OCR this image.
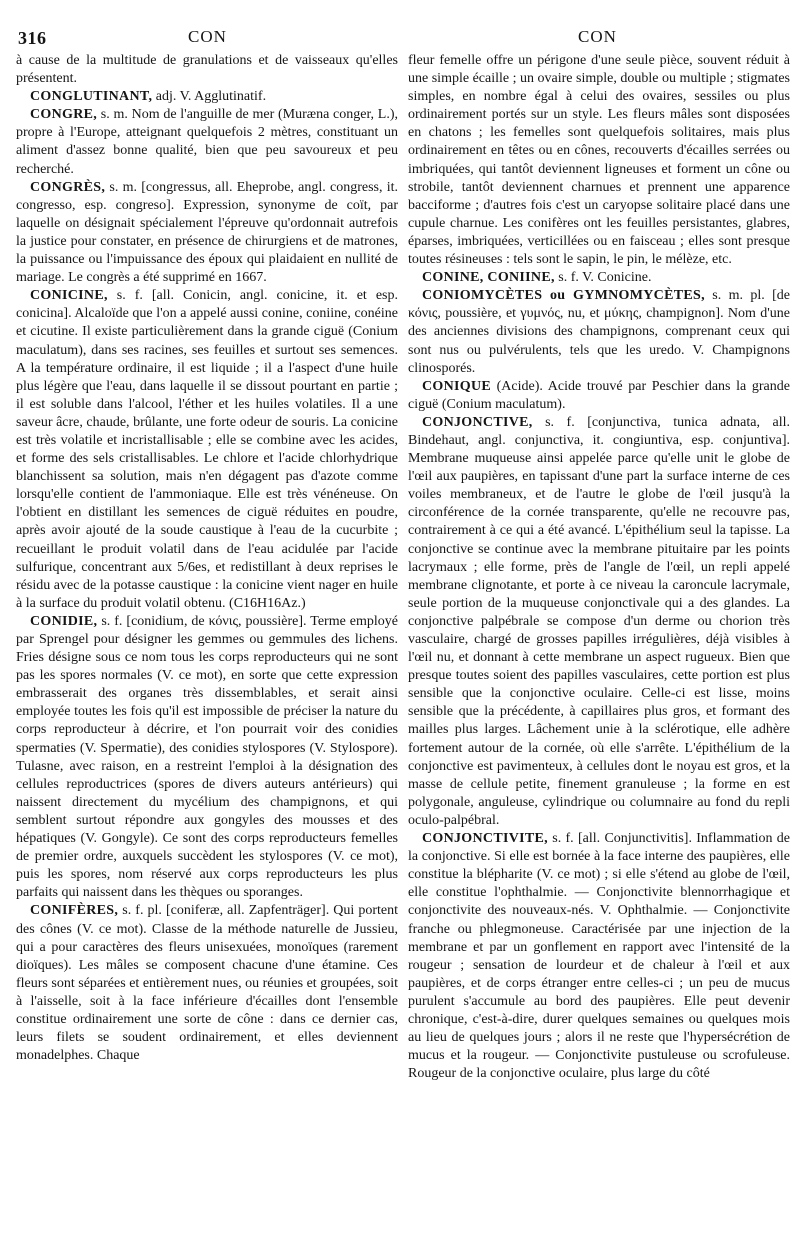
316	CON	CON

à cause de la multitude de granulations et de vaisseaux qu'elles présentent.

CONGLUTINANT, adj. V. Agglutinatif.

CONGRE, s. m. Nom de l'anguille de mer (Muræna conger, L.), propre à l'Europe, atteignant quelquefois 2 mètres, constituant un aliment d'assez bonne qualité, bien que peu savoureux et peu recherché.

CONGRÈS, s. m. [congressus, all. Eheprobe, angl. congress, it. congresso, esp. congreso]. Expression, synonyme de coït, par laquelle on désignait spécialement l'épreuve qu'ordonnait autrefois la justice pour constater, en présence de chirurgiens et de matrones, la puissance ou l'impuissance des époux qui plaidaient en nullité de mariage. Le congrès a été supprimé en 1667.

CONICINE, s. f. [all. Conicin, angl. conicine, it. et esp. conicina]. Alcaloïde que l'on a appelé aussi conine, coniine, conéine et cicutine. Il existe particulièrement dans la grande ciguë (Conium maculatum), dans ses racines, ses feuilles et surtout ses semences. A la température ordinaire, il est liquide ; il a l'aspect d'une huile plus légère que l'eau, dans laquelle il se dissout pourtant en partie ; il est soluble dans l'alcool, l'éther et les huiles volatiles. Il a une saveur âcre, chaude, brûlante, une forte odeur de souris. La conicine est très volatile et incristallisable ; elle se combine avec les acides, et forme des sels cristallisables. Le chlore et l'acide chlorhydrique blanchissent sa solution, mais n'en dégagent pas d'azote comme lorsqu'elle contient de l'ammoniaque. Elle est très vénéneuse. On l'obtient en distillant les semences de ciguë réduites en poudre, après avoir ajouté de la soude caustique à l'eau de la cucurbite ; recueillant le produit volatil dans de l'eau acidulée par l'acide sulfurique, concentrant aux 5/6es, et redistillant à deux reprises le résidu avec de la potasse caustique : la conicine vient nager en huile à la surface du produit volatil obtenu. (C16H16Az.)

CONIDIE, s. f. [conidium, de κόνις, poussière]. Terme employé par Sprengel pour désigner les gemmes ou gemmules des lichens. Fries désigne sous ce nom tous les corps reproducteurs qui ne sont pas les spores normales (V. ce mot), en sorte que cette expression embrasserait des organes très dissemblables, et serait ainsi employée toutes les fois qu'il est impossible de préciser la nature du corps reproducteur à décrire, et l'on pourrait voir des conidies spermaties (V. Spermatie), des conidies stylospores (V. Stylospore). Tulasne, avec raison, en a restreint l'emploi à la désignation des cellules reproductrices (spores de divers auteurs antérieurs) qui naissent directement du mycélium des champignons, et qui semblent surtout répondre aux gongyles des mousses et des hépatiques (V. Gongyle). Ce sont des corps reproducteurs femelles de premier ordre, auxquels succèdent les stylospores (V. ce mot), puis les spores, nom réservé aux corps reproducteurs les plus parfaits qui naissent dans les thèques ou sporanges.

CONIFÈRES, s. f. pl. [coniferæ, all. Zapfenträger]. Qui portent des cônes (V. ce mot). Classe de la méthode naturelle de Jussieu, qui a pour caractères des fleurs unisexuées, monoïques (rarement dioïques). Les mâles se composent chacune d'une étamine. Ces fleurs sont séparées et entièrement nues, ou réunies et groupées, soit à l'aisselle, soit à la face inférieure d'écailles dont l'ensemble constitue ordinairement une sorte de cône : dans ce dernier cas, leurs filets se soudent ordinairement, et elles deviennent monadelphes. Chaque

fleur femelle offre un périgone d'une seule pièce, souvent réduit à une simple écaille ; un ovaire simple, double ou multiple ; stigmates simples, en nombre égal à celui des ovaires, sessiles ou plus ordinairement portés sur un style. Les fleurs mâles sont disposées en chatons ; les femelles sont quelquefois solitaires, mais plus ordinairement en têtes ou en cônes, recouverts d'écailles serrées ou imbriquées, qui tantôt deviennent ligneuses et forment un cône ou strobile, tantôt deviennent charnues et prennent une apparence bacciforme ; d'autres fois c'est un caryopse solitaire placé dans une cupule charnue. Les conifères ont les feuilles persistantes, glabres, éparses, imbriquées, verticillées ou en faisceau ; elles sont presque toutes résineuses : tels sont le sapin, le pin, le mélèze, etc.

CONINE, CONIINE, s. f. V. Conicine.

CONIOMYCÈTES ou GYMNOMYCÈTES, s. m. pl. [de κόνις, poussière, et γυμνός, nu, et μύκης, champignon]. Nom d'une des anciennes divisions des champignons, comprenant ceux qui sont nus ou pulvérulents, tels que les uredo. V. Champignons clinosporés.

CONIQUE (Acide). Acide trouvé par Peschier dans la grande ciguë (Conium maculatum).

CONJONCTIVE, s. f. [conjunctiva, tunica adnata, all. Bindehaut, angl. conjunctiva, it. congiuntiva, esp. conjuntiva]. Membrane muqueuse ainsi appelée parce qu'elle unit le globe de l'œil aux paupières, en tapissant d'une part la surface interne de ces voiles membraneux, et de l'autre le globe de l'œil jusqu'à la circonférence de la cornée transparente, qu'elle ne recouvre pas, contrairement à ce qui a été avancé. L'épithélium seul la tapisse. La conjonctive se continue avec la membrane pituitaire par les points lacrymaux ; elle forme, près de l'angle de l'œil, un repli appelé membrane clignotante, et porte à ce niveau la caroncule lacrymale, seule portion de la muqueuse conjonctivale qui a des glandes. La conjonctive palpébrale se compose d'un derme ou chorion très vasculaire, chargé de grosses papilles irrégulières, déjà visibles à l'œil nu, et donnant à cette membrane un aspect rugueux. Bien que presque toutes soient des papilles vasculaires, cette portion est plus sensible que la conjonctive oculaire. Celle-ci est lisse, moins sensible que la précédente, à capillaires plus gros, et formant des mailles plus larges. Lâchement unie à la sclérotique, elle adhère fortement autour de la cornée, où elle s'arrête. L'épithélium de la conjonctive est pavimenteux, à cellules dont le noyau est gros, et la masse de cellule petite, finement granuleuse ; la forme en est polygonale, anguleuse, cylindrique ou columnaire au fond du repli oculo-palpébral.

CONJONCTIVITE, s. f. [all. Conjunctivitis]. Inflammation de la conjonctive. Si elle est bornée à la face interne des paupières, elle constitue la blépharite (V. ce mot) ; si elle s'étend au globe de l'œil, elle constitue l'ophthalmie. — Conjonctivite blennorrhagique et conjonctivite des nouveaux-nés. V. Ophthalmie. — Conjonctivite franche ou phlegmoneuse. Caractérisée par une injection de la membrane et par un gonflement en rapport avec l'intensité de la rougeur ; sensation de lourdeur et de chaleur à l'œil et aux paupières, et de corps étranger entre celles-ci ; un peu de mucus purulent s'accumule au bord des paupières. Elle peut devenir chronique, c'est-à-dire, durer quelques semaines ou quelques mois au lieu de quelques jours ; alors il ne reste que l'hypersécrétion de mucus et la rougeur. — Conjonctivite pustuleuse ou scrofuleuse. Rougeur de la conjonctive oculaire, plus large du côté
